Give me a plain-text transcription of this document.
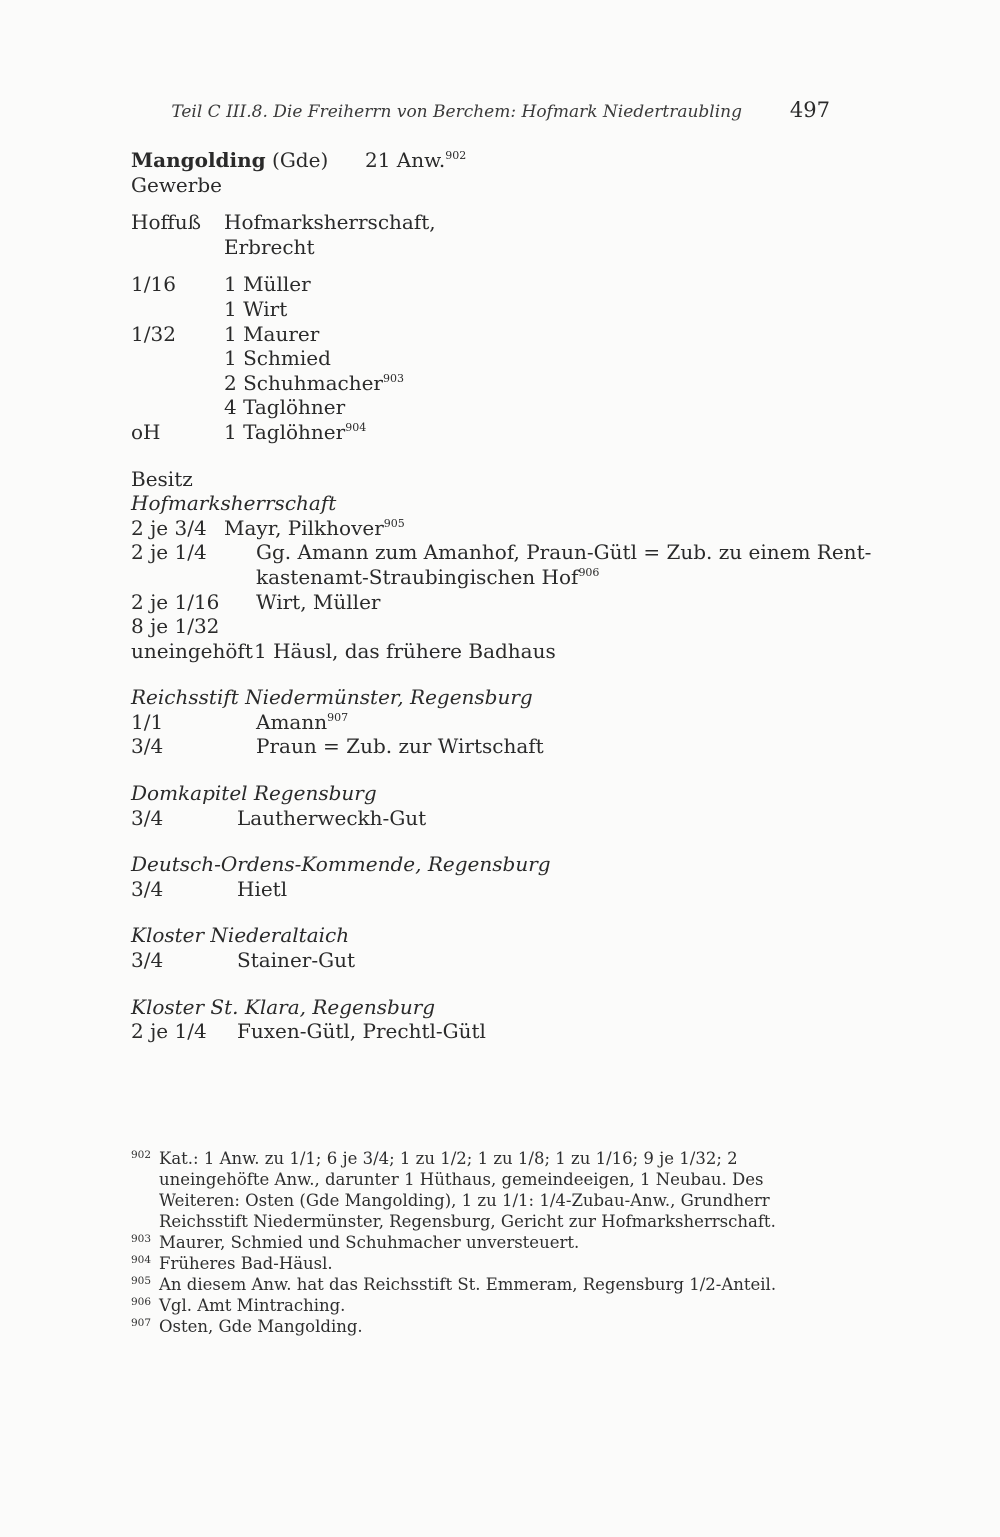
Teil C III.8. Die Freiherrn von Berchem: Hofmark Niedertraubling 497
Mangolding (Gde) 21 Anw.$^{902}$
Gewerbe
Hoffuß Hofmarksherrschaft,
Erbrecht
1/16 1 Müller
1 Wirt
1/32 1 Maurer
1 Schmied
2 Schuhmacher$^{903}$
4 Taglöhner
oH	1 Taglöhner$^{904}$
Besitz
Hofmarksherrschaft
2 je 3/4 Mayr, Pilkhover$^{905}$
2 je 1/4 Gg. Amann zum Amanhof, Praun-Gütl = Zub. zu einem Rent-
kastenamt-Straubingischen Hof$^{906}$
2 je 1/16 Wirt, Müller
8 je 1/32
uneingehöft 1 Häusl, das frühere Badhaus
Reichsstift Niedermünster, Regensburg
1/1	Amann$^{907}$
3/4	Praun = Zub. zur Wirtschaft
Domkapitel Regensburg
3/4	Lautherweckh-Gut
Deutsch-Ordens-Kommende, Regensburg
3/4	Hietl
Kloster Niederaltaich
3/4	Stainer-Gut
Kloster St. Klara, Regensburg
2 je 1/4 Fuxen-Gütl, Prechtl-Gütl
902 Kat.: 1 Anw. zu 1/1; 6 je 3/4; 1 zu 1/2; 1 zu 1/8; 1 zu 1/16; 9 je 1/32; 2 uneingehöfte Anw., darunter 1 Hüthaus, gemeindeeigen, 1 Neubau. Des Weiteren: Osten (Gde Mangolding), 1 zu 1/1: 1/4-Zubau-Anw., Grundherr Reichsstift Niedermünster, Regensburg, Gericht zur Hofmarksherrschaft.
903 Maurer, Schmied und Schuhmacher unversteuert.
904 Früheres Bad-Häusl.
905 An diesem Anw. hat das Reichsstift St. Emmeram, Regensburg 1/2-Anteil.
906 Vgl. Amt Mintraching.
907 Osten, Gde Mangolding.
